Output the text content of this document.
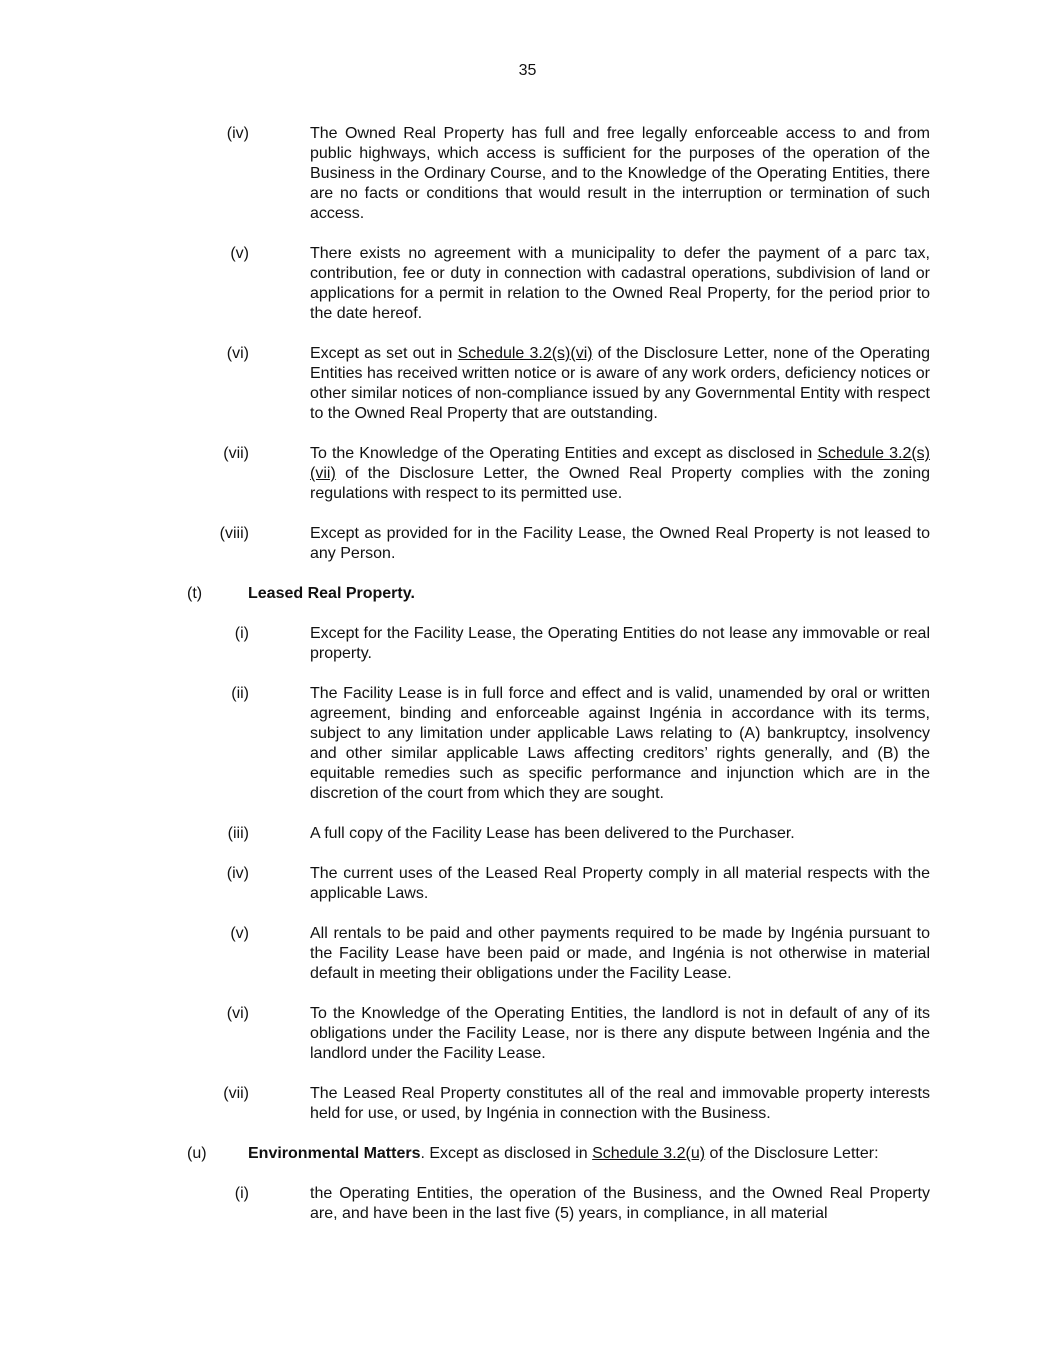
35
(iv)	The Owned Real Property has full and free legally enforceable access to and from public highways, which access is sufficient for the purposes of the operation of the Business in the Ordinary Course, and to the Knowledge of the Operating Entities, there are no facts or conditions that would result in the interruption or termination of such access.
(v)	There exists no agreement with a municipality to defer the payment of a parc tax, contribution, fee or duty in connection with cadastral operations, subdivision of land or applications for a permit in relation to the Owned Real Property, for the period prior to the date hereof.
(vi)	Except as set out in Schedule 3.2(s)(vi) of the Disclosure Letter, none of the Operating Entities has received written notice or is aware of any work orders, deficiency notices or other similar notices of non-compliance issued by any Governmental Entity with respect to the Owned Real Property that are outstanding.
(vii)	To the Knowledge of the Operating Entities and except as disclosed in Schedule 3.2(s)(vii) of the Disclosure Letter, the Owned Real Property complies with the zoning regulations with respect to its permitted use.
(viii)	Except as provided for in the Facility Lease, the Owned Real Property is not leased to any Person.
(t)	Leased Real Property.
(i)	Except for the Facility Lease, the Operating Entities do not lease any immovable or real property.
(ii)	The Facility Lease is in full force and effect and is valid, unamended by oral or written agreement, binding and enforceable against Ingénia in accordance with its terms, subject to any limitation under applicable Laws relating to (A) bankruptcy, insolvency and other similar applicable Laws affecting creditors’ rights generally, and (B) the equitable remedies such as specific performance and injunction which are in the discretion of the court from which they are sought.
(iii)	A full copy of the Facility Lease has been delivered to the Purchaser.
(iv)	The current uses of the Leased Real Property comply in all material respects with the applicable Laws.
(v)	All rentals to be paid and other payments required to be made by Ingénia pursuant to the Facility Lease have been paid or made, and Ingénia is not otherwise in material default in meeting their obligations under the Facility Lease.
(vi)	To the Knowledge of the Operating Entities, the landlord is not in default of any of its obligations under the Facility Lease, nor is there any dispute between Ingénia and the landlord under the Facility Lease.
(vii)	The Leased Real Property constitutes all of the real and immovable property interests held for use, or used, by Ingénia in connection with the Business.
(u)	Environmental Matters. Except as disclosed in Schedule 3.2(u) of the Disclosure Letter:
(i)	the Operating Entities, the operation of the Business, and the Owned Real Property are, and have been in the last five (5) years, in compliance, in all material
